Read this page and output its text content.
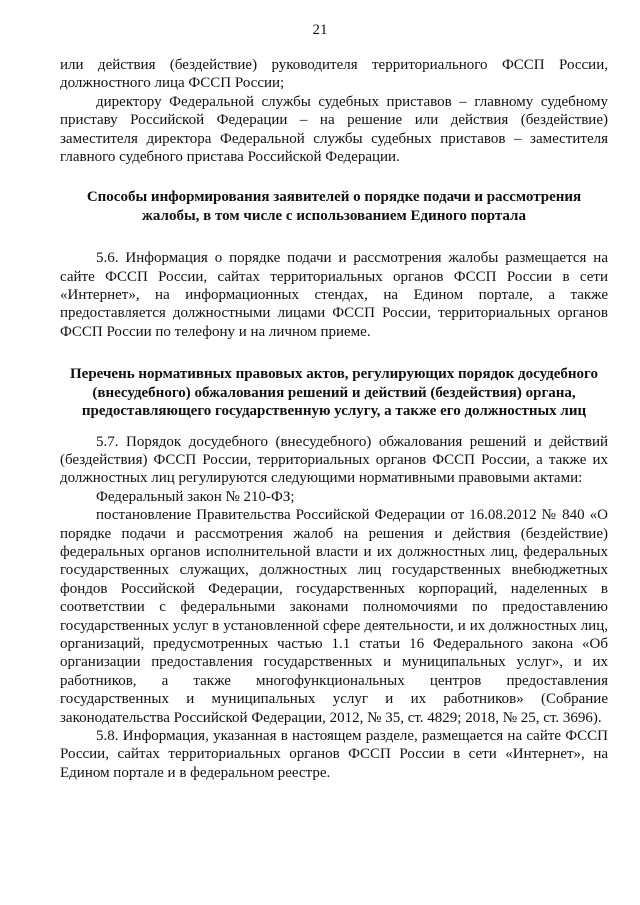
21

или действия (бездействие) руководителя территориального ФССП России, должностного лица ФССП России;

директору Федеральной службы судебных приставов – главному судебному приставу Российской Федерации – на решение или действия (бездействие) заместителя директора Федеральной службы судебных приставов – заместителя главного судебного пристава Российской Федерации.

Способы информирования заявителей о порядке подачи и рассмотрения жалобы, в том числе с использованием Единого портала

5.6. Информация о порядке подачи и рассмотрения жалобы размещается на сайте ФССП России, сайтах территориальных органов ФССП России в сети «Интернет», на информационных стендах, на Едином портале, а также предоставляется должностными лицами ФССП России, территориальных органов ФССП России по телефону и на личном приеме.

Перечень нормативных правовых актов, регулирующих порядок досудебного (внесудебного) обжалования решений и действий (бездействия) органа, предоставляющего государственную услугу, а также его должностных лиц

5.7. Порядок досудебного (внесудебного) обжалования решений и действий (бездействия) ФССП России, территориальных органов ФССП России, а также их должностных лиц регулируются следующими нормативными правовыми актами:

Федеральный закон № 210-ФЗ;

постановление Правительства Российской Федерации от 16.08.2012 № 840 «О порядке подачи и рассмотрения жалоб на решения и действия (бездействие) федеральных органов исполнительной власти и их должностных лиц, федеральных государственных служащих, должностных лиц государственных внебюджетных фондов Российской Федерации, государственных корпораций, наделенных в соответствии с федеральными законами полномочиями по предоставлению государственных услуг в установленной сфере деятельности, и их должностных лиц, организаций, предусмотренных частью 1.1 статьи 16 Федерального закона «Об организации предоставления государственных и муниципальных услуг», и их работников, а также многофункциональных центров предоставления государственных и муниципальных услуг и их работников» (Собрание законодательства Российской Федерации, 2012, № 35, ст. 4829; 2018, № 25, ст. 3696).

5.8. Информация, указанная в настоящем разделе, размещается на сайте ФССП России, сайтах территориальных органов ФССП России в сети «Интернет», на Едином портале и в федеральном реестре.
